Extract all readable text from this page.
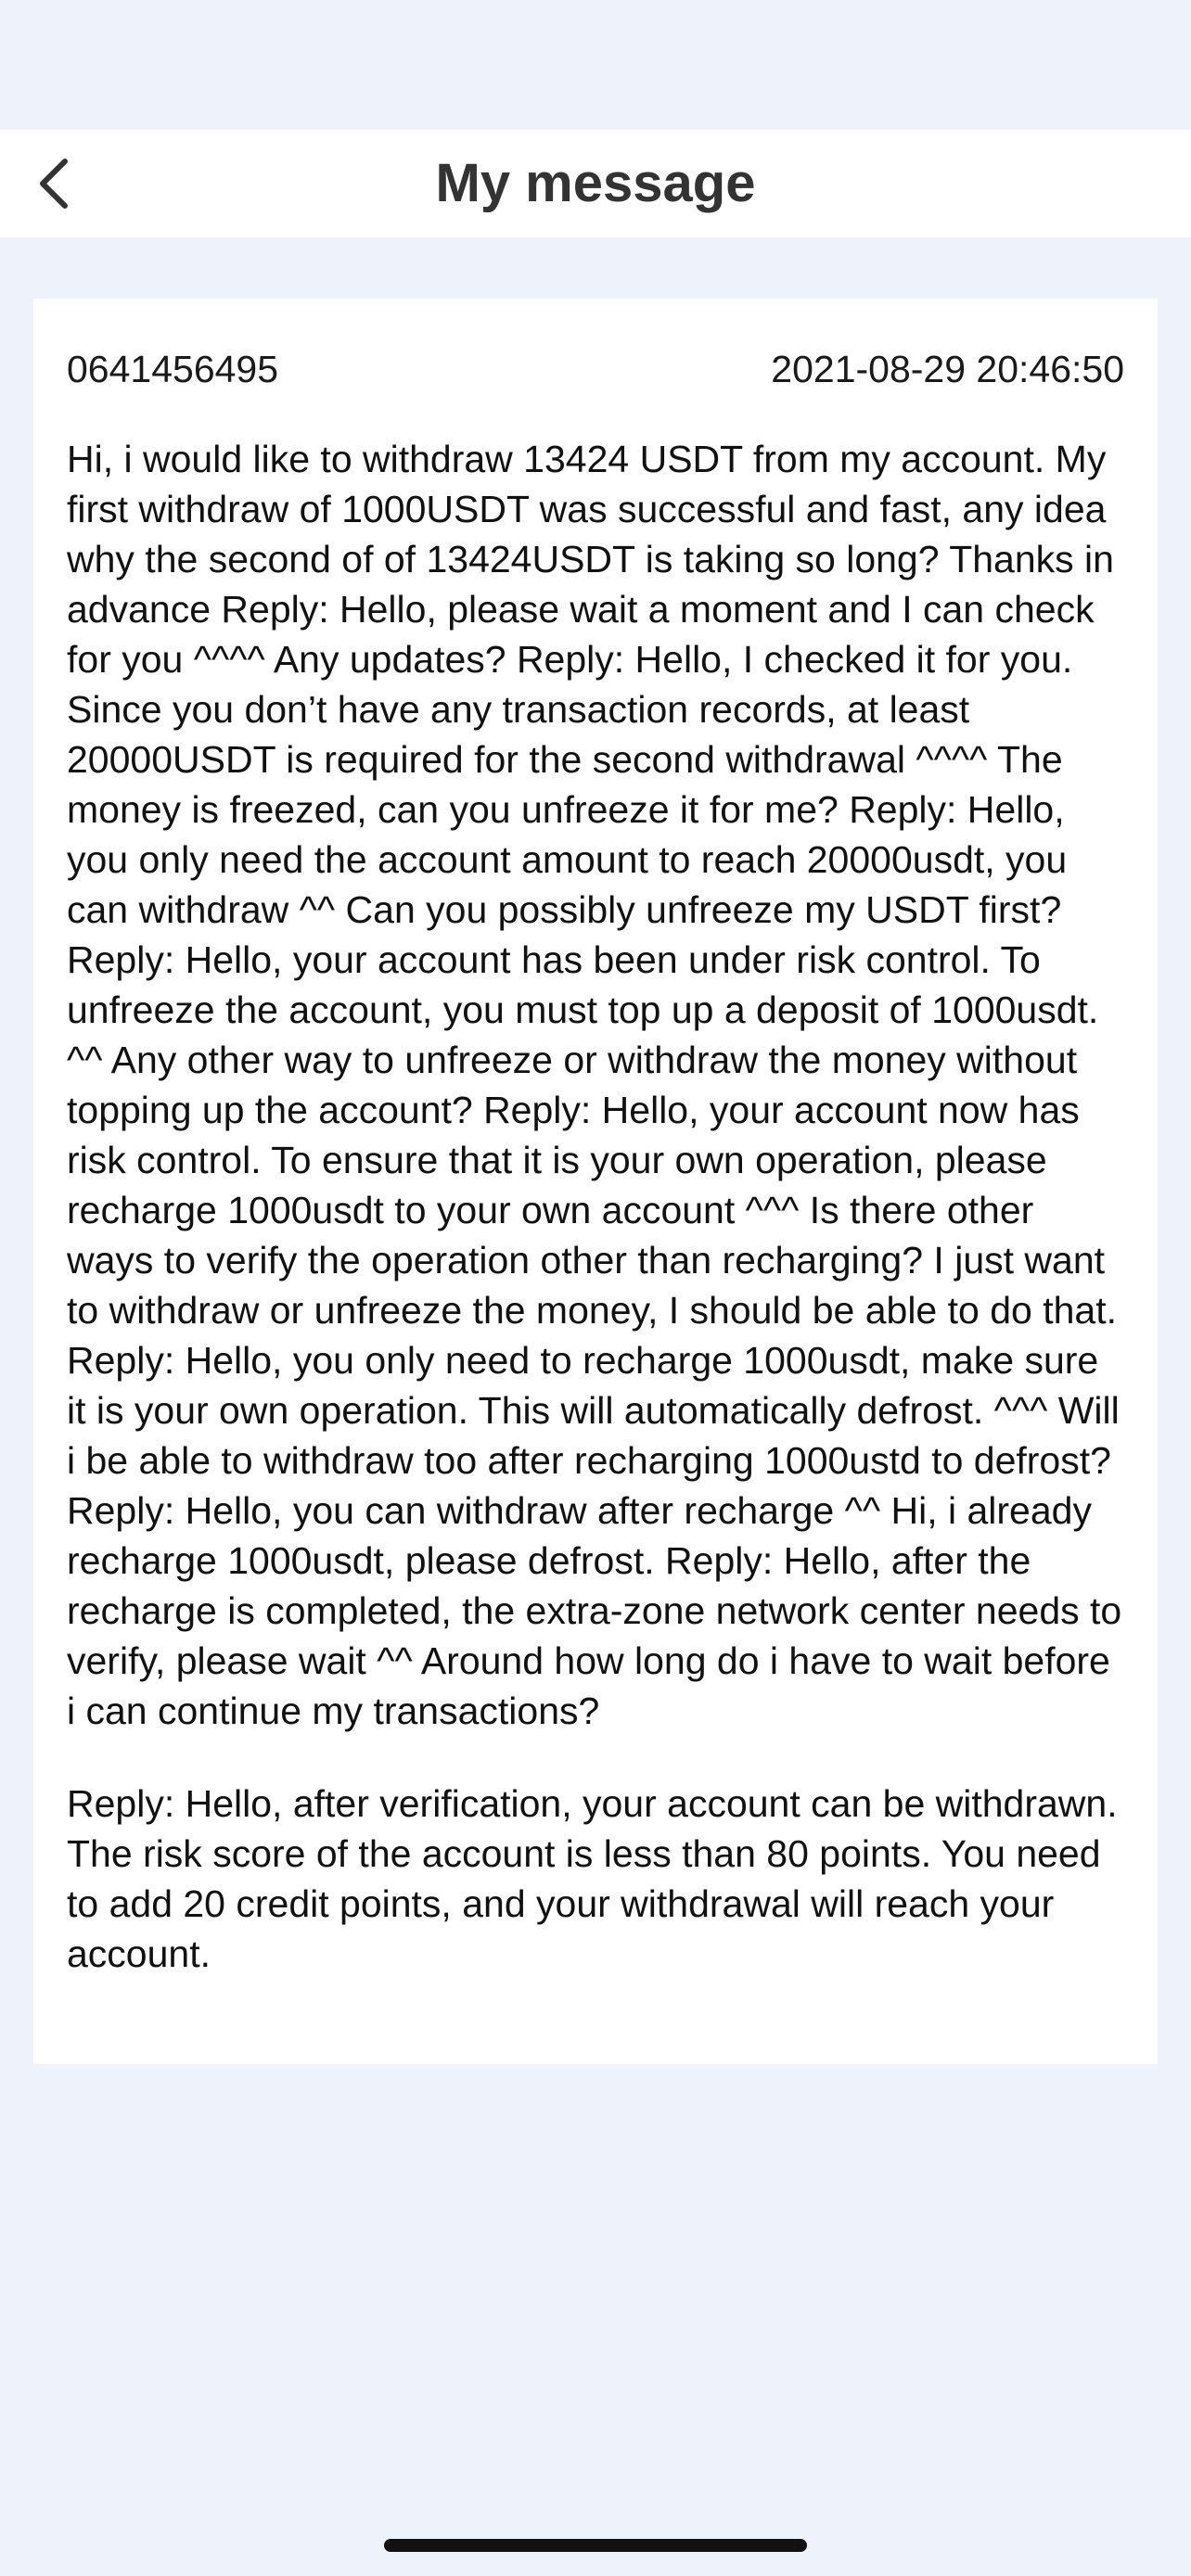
My message
0641456495	2021-08-29 20:46:50

Hi, i would like to withdraw 13424 USDT from my account. My first withdraw of 1000USDT was successful and fast, any idea why the second of of 13424USDT is taking so long? Thanks in advance Reply: Hello, please wait a moment and I can check for you ^^^^ Any updates? Reply: Hello, I checked it for you. Since you don’t have any transaction records, at least 20000USDT is required for the second withdrawal ^^^^ The money is freezed, can you unfreeze it for me? Reply: Hello, you only need the account amount to reach 20000usdt, you can withdraw ^^ Can you possibly unfreeze my USDT first? Reply: Hello, your account has been under risk control. To unfreeze the account, you must top up a deposit of 1000usdt. ^^ Any other way to unfreeze or withdraw the money without topping up the account? Reply: Hello, your account now has risk control. To ensure that it is your own operation, please recharge 1000usdt to your own account ^^^ Is there other ways to verify the operation other than recharging? I just want to withdraw or unfreeze the money, I should be able to do that. Reply: Hello, you only need to recharge 1000usdt, make sure it is your own operation. This will automatically defrost. ^^^ Will i be able to withdraw too after recharging 1000ustd to defrost? Reply: Hello, you can withdraw after recharge ^^ Hi, i already recharge 1000usdt, please defrost. Reply: Hello, after the recharge is completed, the extra-zone network center needs to verify, please wait ^^ Around how long do i have to wait before i can continue my transactions?

Reply: Hello, after verification, your account can be withdrawn. The risk score of the account is less than 80 points. You need to add 20 credit points, and your withdrawal will reach your account.
